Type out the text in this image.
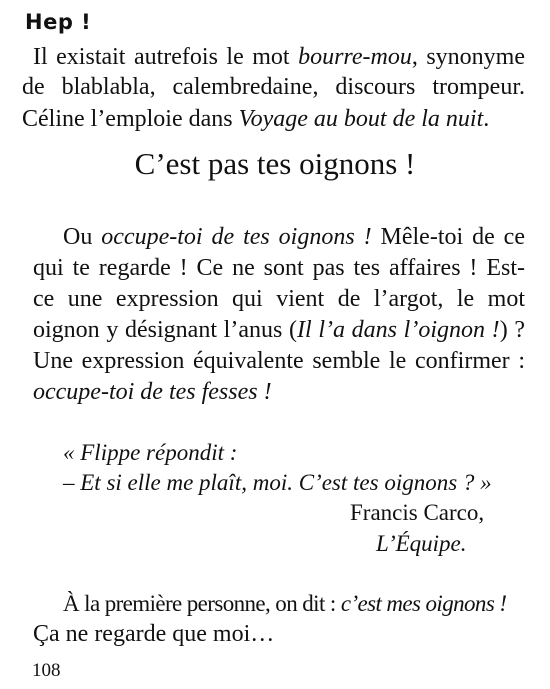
Hep !
Il existait autrefois le mot bourre-mou, synonyme
de blablabla, calembredaine, discours trompeur.
Céline l’emploie dans Voyage au bout de la nuit.
C’est pas tes oignons !
Ou occupe-toi de tes oignons ! Mêle-toi de ce
qui te regarde ! Ce ne sont pas tes affaires ! Est-
ce une expression qui vient de l’argot, le mot
oignon y désignant l’anus (Il l’a dans l’oignon !) ?
Une expression équivalente semble le confirmer :
occupe-toi de tes fesses !
« Flippe répondit :
– Et si elle me plaît, moi. C’est tes oignons ? »
Francis Carco,
L’Équipe.
À la première personne, on dit : c’est mes oignons !
Ça ne regarde que moi…
108
